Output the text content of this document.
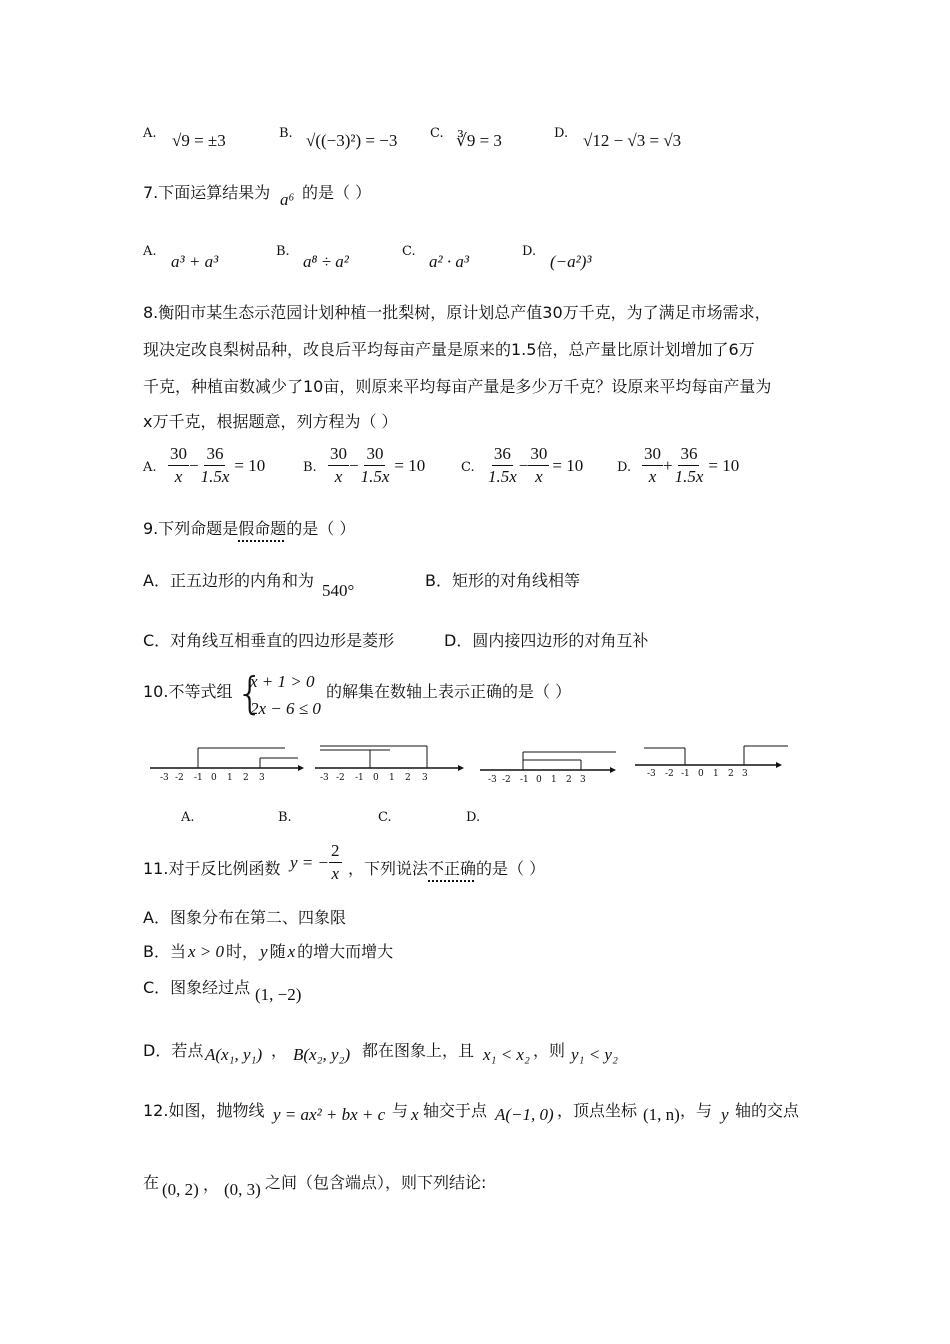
A. √9 = ±3	B. √((−3)²) = −3	C. ∛9 = 3	D. √12 − √3 = √3
7.下面运算结果为 a⁶ 的是（ ）
A.
a³ + a³
B.
a⁸ ÷ a²
C.
a² · a³
D.
(−a²)³
8.衡阳市某生态示范园计划种植一批梨树，原计划总产值30万千克，为了满足市场需求，
现决定改良梨树品种，改良后平均每亩产量是原来的1.5倍，总产量比原计划增加了6万
千克，种植亩数减少了10亩，则原来平均每亩产量是多少万千克？设原来平均每亩产量为
x万千克，根据题意，列方程为（ ）
A. $\frac{30}{x} - \frac{36}{1.5x} = 10$	B. $\frac{30}{x} - \frac{30}{1.5x} = 10$	C. $\frac{36}{1.5x} - \frac{30}{x} = 10$	D. $\frac{30}{x} + \frac{36}{1.5x} = 10$
9.下列命题是假命题的是（ ）
A．正五边形的内角和为
540°
B．矩形的对角线相等
C．对角线互相垂直的四边形是菱形	D．圆内接四边形的对角互补
10.不等式组 {
x + 1 > 0
2x − 6 ≤ 0
的解集在数轴上表示正确的是（ ）
-3 -2 -1 0 1 2 3	-3 -2 -1 0 1 2 3	-3 -2 -1 0 1 2 3
-3 -2 -1 0 1 2 3
A.	B.	C.	D.
11.对于反比例函数 y = − $\frac{2}{x}$ ，下列说法不正确的是（ ）
A．图象分布在第二、四象限
B．当 x > 0 时， y 随 x 的增大而增大
C．图象经过点 (1, −2)
D．若点 A(x₁, y₁) ， B(x₂, y₂) 都在图象上，且 x₁ < x₂ ，则 y₁ < y₂
12.如图，抛物线 y = ax² + bx + c 与 x 轴交于点 A(−1, 0) ，顶点坐标 (1, n) ，与 y 轴的交点
在 (0, 2) ， (0, 3) 之间（包含端点），则下列结论:
